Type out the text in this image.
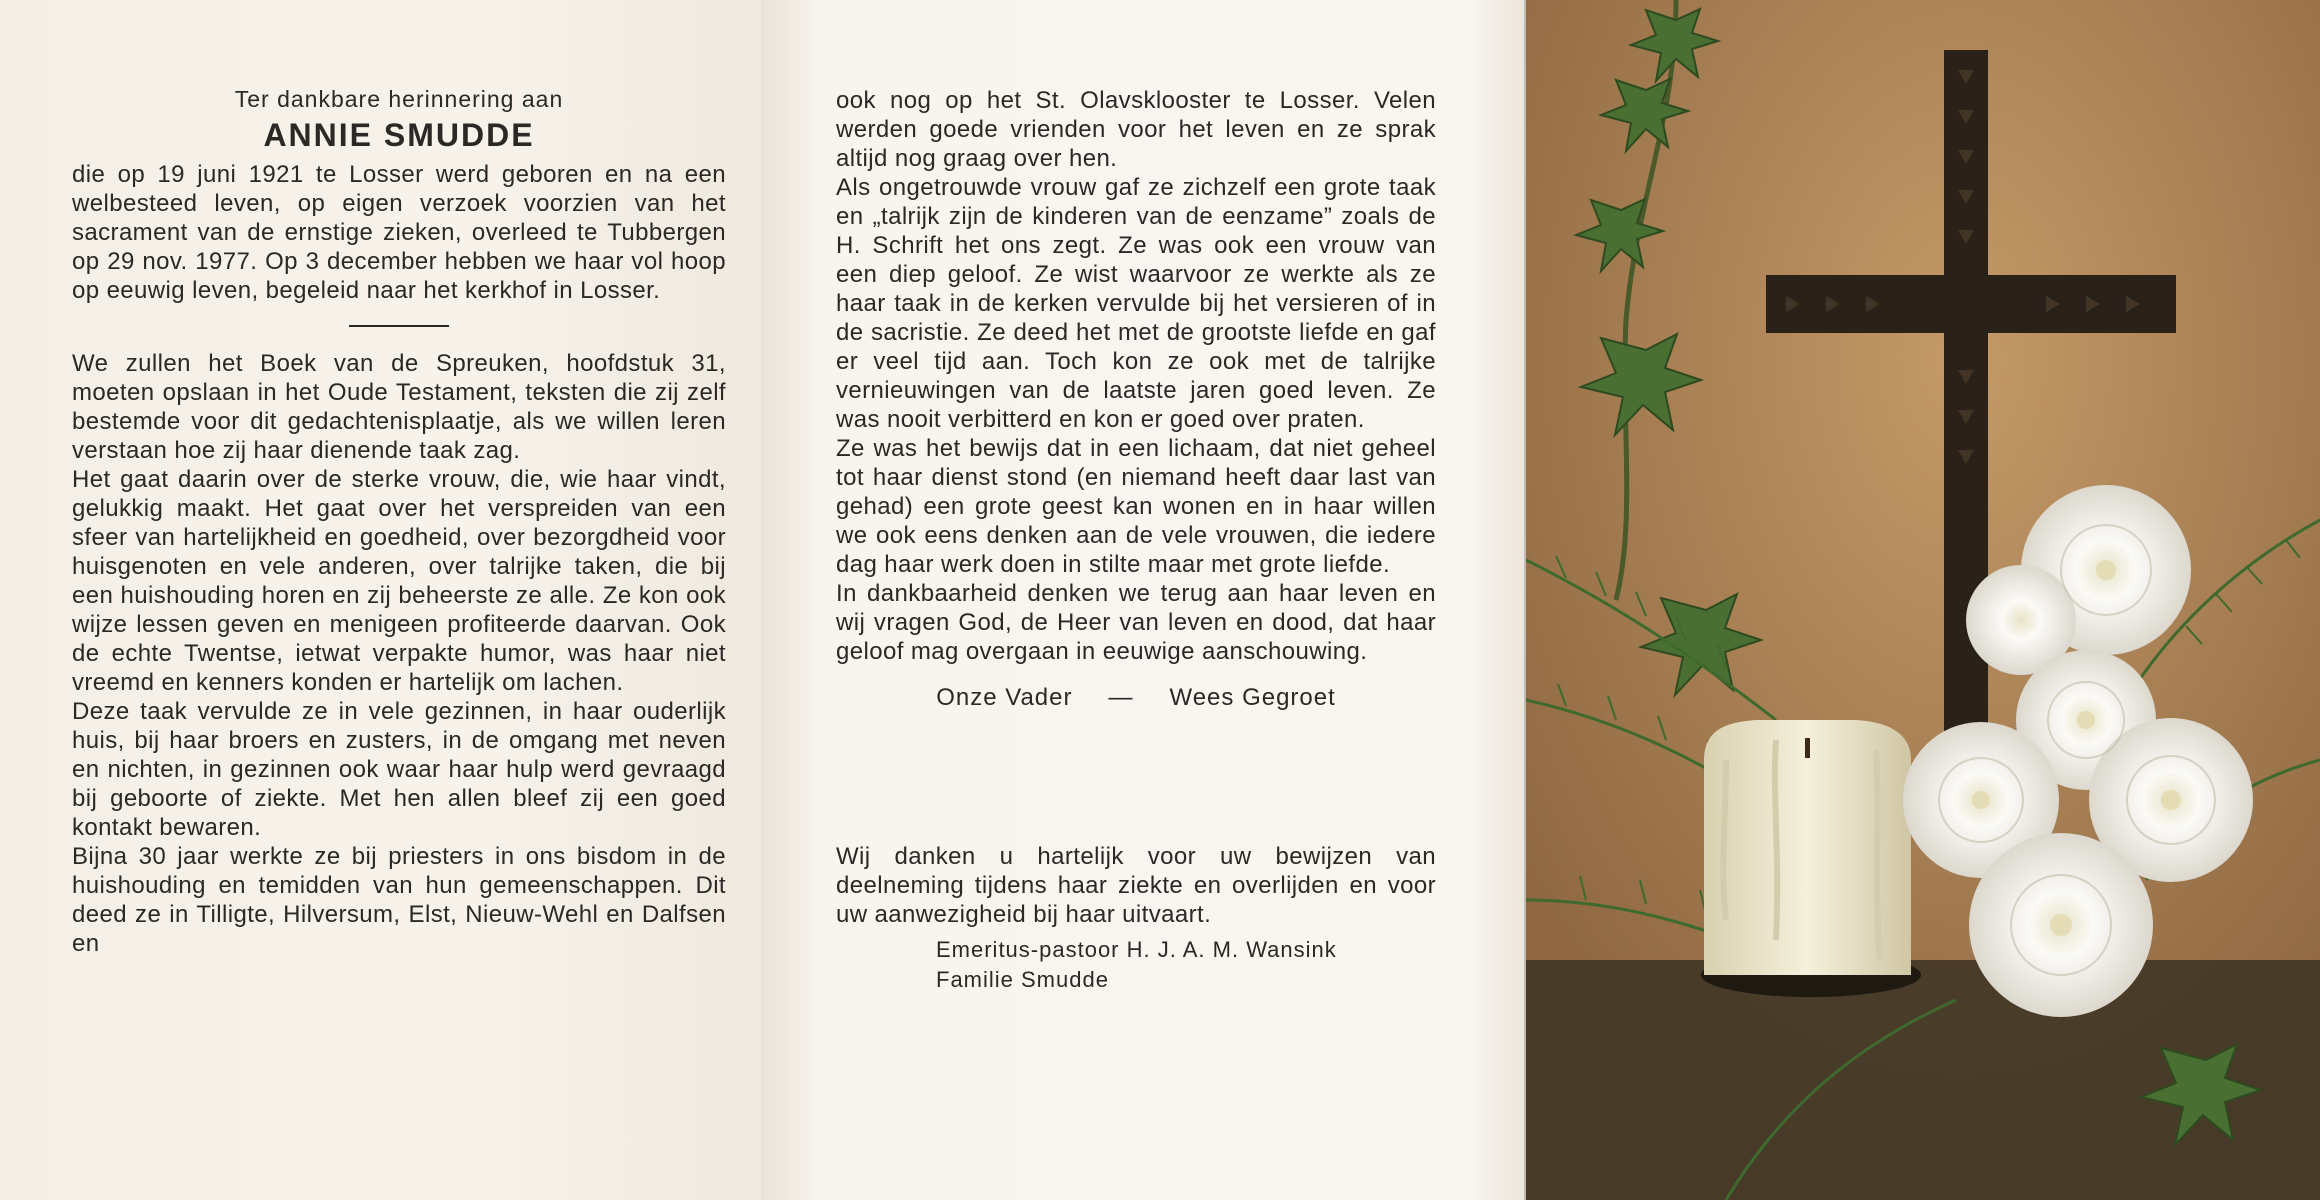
Ter dankbare herinnering aan

ANNIE SMUDDE

die op 19 juni 1921 te Losser werd geboren en na een welbesteed leven, op eigen verzoek voorzien van het sacrament van de ernstige zieken, overleed te Tubbergen op 29 nov. 1977. Op 3 december hebben we haar vol hoop op eeuwig leven, begeleid naar het kerkhof in Losser.

We zullen het Boek van de Spreuken, hoofdstuk 31, moeten opslaan in het Oude Testament, teksten die zij zelf bestemde voor dit gedachtenisplaatje, als we willen leren verstaan hoe zij haar dienende taak zag.

Het gaat daarin over de sterke vrouw, die, wie haar vindt, gelukkig maakt. Het gaat over het verspreiden van een sfeer van hartelijkheid en goedheid, over bezorgdheid voor huisgenoten en vele anderen, over talrijke taken, die bij een huishouding horen en zij beheerste ze alle. Ze kon ook wijze lessen geven en menigeen profiteerde daarvan. Ook de echte Twentse, ietwat verpakte humor, was haar niet vreemd en kenners konden er hartelijk om lachen.

Deze taak vervulde ze in vele gezinnen, in haar ouderlijk huis, bij haar broers en zusters, in de omgang met neven en nichten, in gezinnen ook waar haar hulp werd gevraagd bij geboorte of ziekte. Met hen allen bleef zij een goed kontakt bewaren.

Bijna 30 jaar werkte ze bij priesters in ons bisdom in de huishouding en temidden van hun gemeenschappen. Dit deed ze in Tilligte, Hilversum, Elst, Nieuw-Wehl en Dalfsen en

ook nog op het St. Olavsklooster te Losser. Velen werden goede vrienden voor het leven en ze sprak altijd nog graag over hen.

Als ongetrouwde vrouw gaf ze zichzelf een grote taak en „talrijk zijn de kinderen van de eenzame” zoals de H. Schrift het ons zegt. Ze was ook een vrouw van een diep geloof. Ze wist waarvoor ze werkte als ze haar taak in de kerken vervulde bij het versieren of in de sacristie. Ze deed het met de grootste liefde en gaf er veel tijd aan. Toch kon ze ook met de talrijke vernieuwingen van de laatste jaren goed leven. Ze was nooit verbitterd en kon er goed over praten.

Ze was het bewijs dat in een lichaam, dat niet geheel tot haar dienst stond (en niemand heeft daar last van gehad) een grote geest kan wonen en in haar willen we ook eens denken aan de vele vrouwen, die iedere dag haar werk doen in stilte maar met grote liefde.

In dankbaarheid denken we terug aan haar leven en wij vragen God, de Heer van leven en dood, dat haar geloof mag overgaan in eeuwige aanschouwing.

Onze Vader — Wees Gegroet

Wij danken u hartelijk voor uw bewijzen van deelneming tijdens haar ziekte en overlijden en voor uw aanwezigheid bij haar uitvaart.

Emeritus-pastoor H. J. A. M. Wansink
Familie Smudde
